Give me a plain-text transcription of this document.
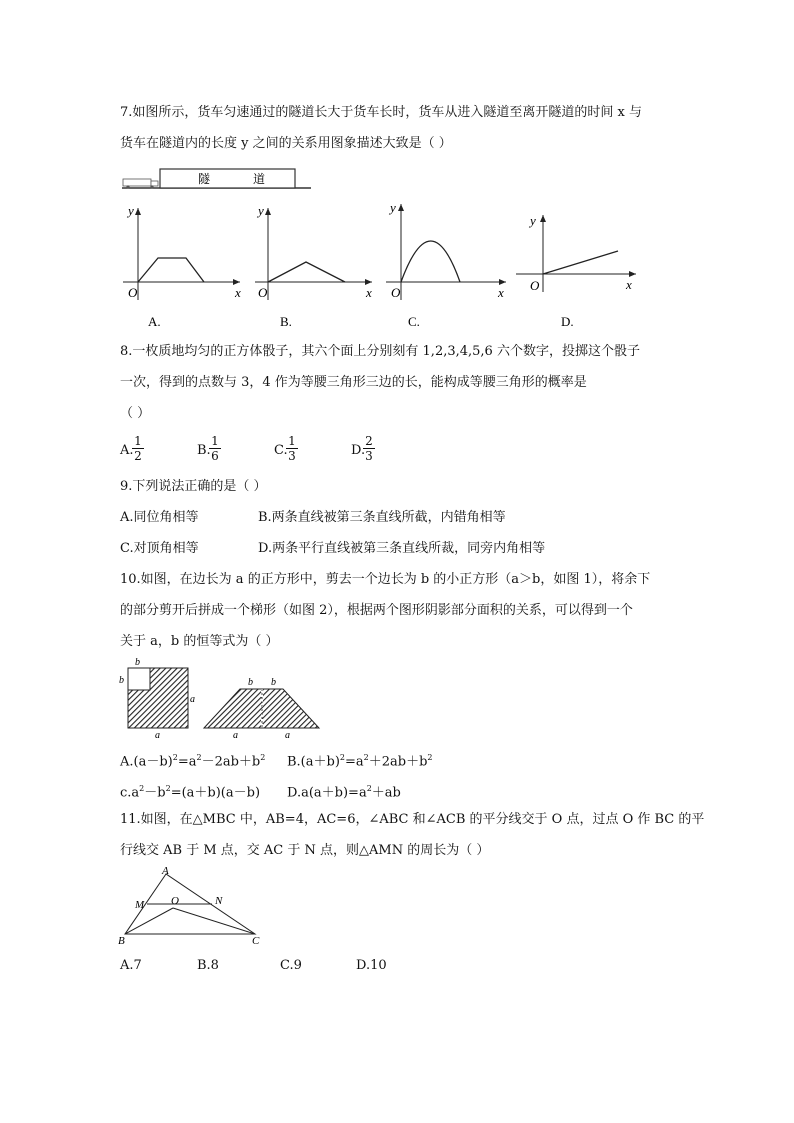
7.如图所示，货车匀速通过的隧道长大于货车长时，货车从进入隧道至离开隧道的时间 x 与
货车在隧道内的长度 y 之间的关系用图象描述大致是（ ）
隧	道
y
x
O
A.
y
x
O
B.
y
x
O
C.
y
x
O
D.
8.一枚质地均匀的正方体骰子，其六个面上分别刻有 1,2,3,4,5,6 六个数字，投掷这个骰子
一次，得到的点数与 3，4 作为等腰三角形三边的长，能构成等腰三角形的概率是
（ ）
A.
$\frac{1}{2}$	B.
$\frac{1}{6}$	C.
$\frac{1}{3}$	D.
$\frac{2}{3}$
9.下列说法正确的是（ ）
A.同位角相等	B.两条直线被第三条直线所截，内错角相等
C.对顶角相等	D.两条平行直线被第三条直线所裁，同旁内角相等
10.如图，在边长为 a 的正方形中，剪去一个边长为 b 的小正方形（a＞b，如图 1），将余下
的部分剪开后拼成一个梯形（如图 2），根据两个图形阴影部分面积的关系，可以得到一个
关于 a，b 的恒等式为（ ）
b
b
a
a
b b
a	a
$A.(a-b)^2=a^2-2ab+b^2$ $B.(a+b)^2=a^2+2ab+b^2$
$c.a^2-b^2=(a+b)(a-b)$ $D.a(a+b)=a^2+ab$
11.如图，在△MBC 中，AB=4，AC=6，∠ABC 和∠ACB 的平分线交于 O 点，过点 O 作 BC 的平
行线交 AB 于 M 点，交 AC 于 N 点，则△AMN 的周长为（ ）
A
M O	N
B	C
A.7	B.8	C.9	D.10
